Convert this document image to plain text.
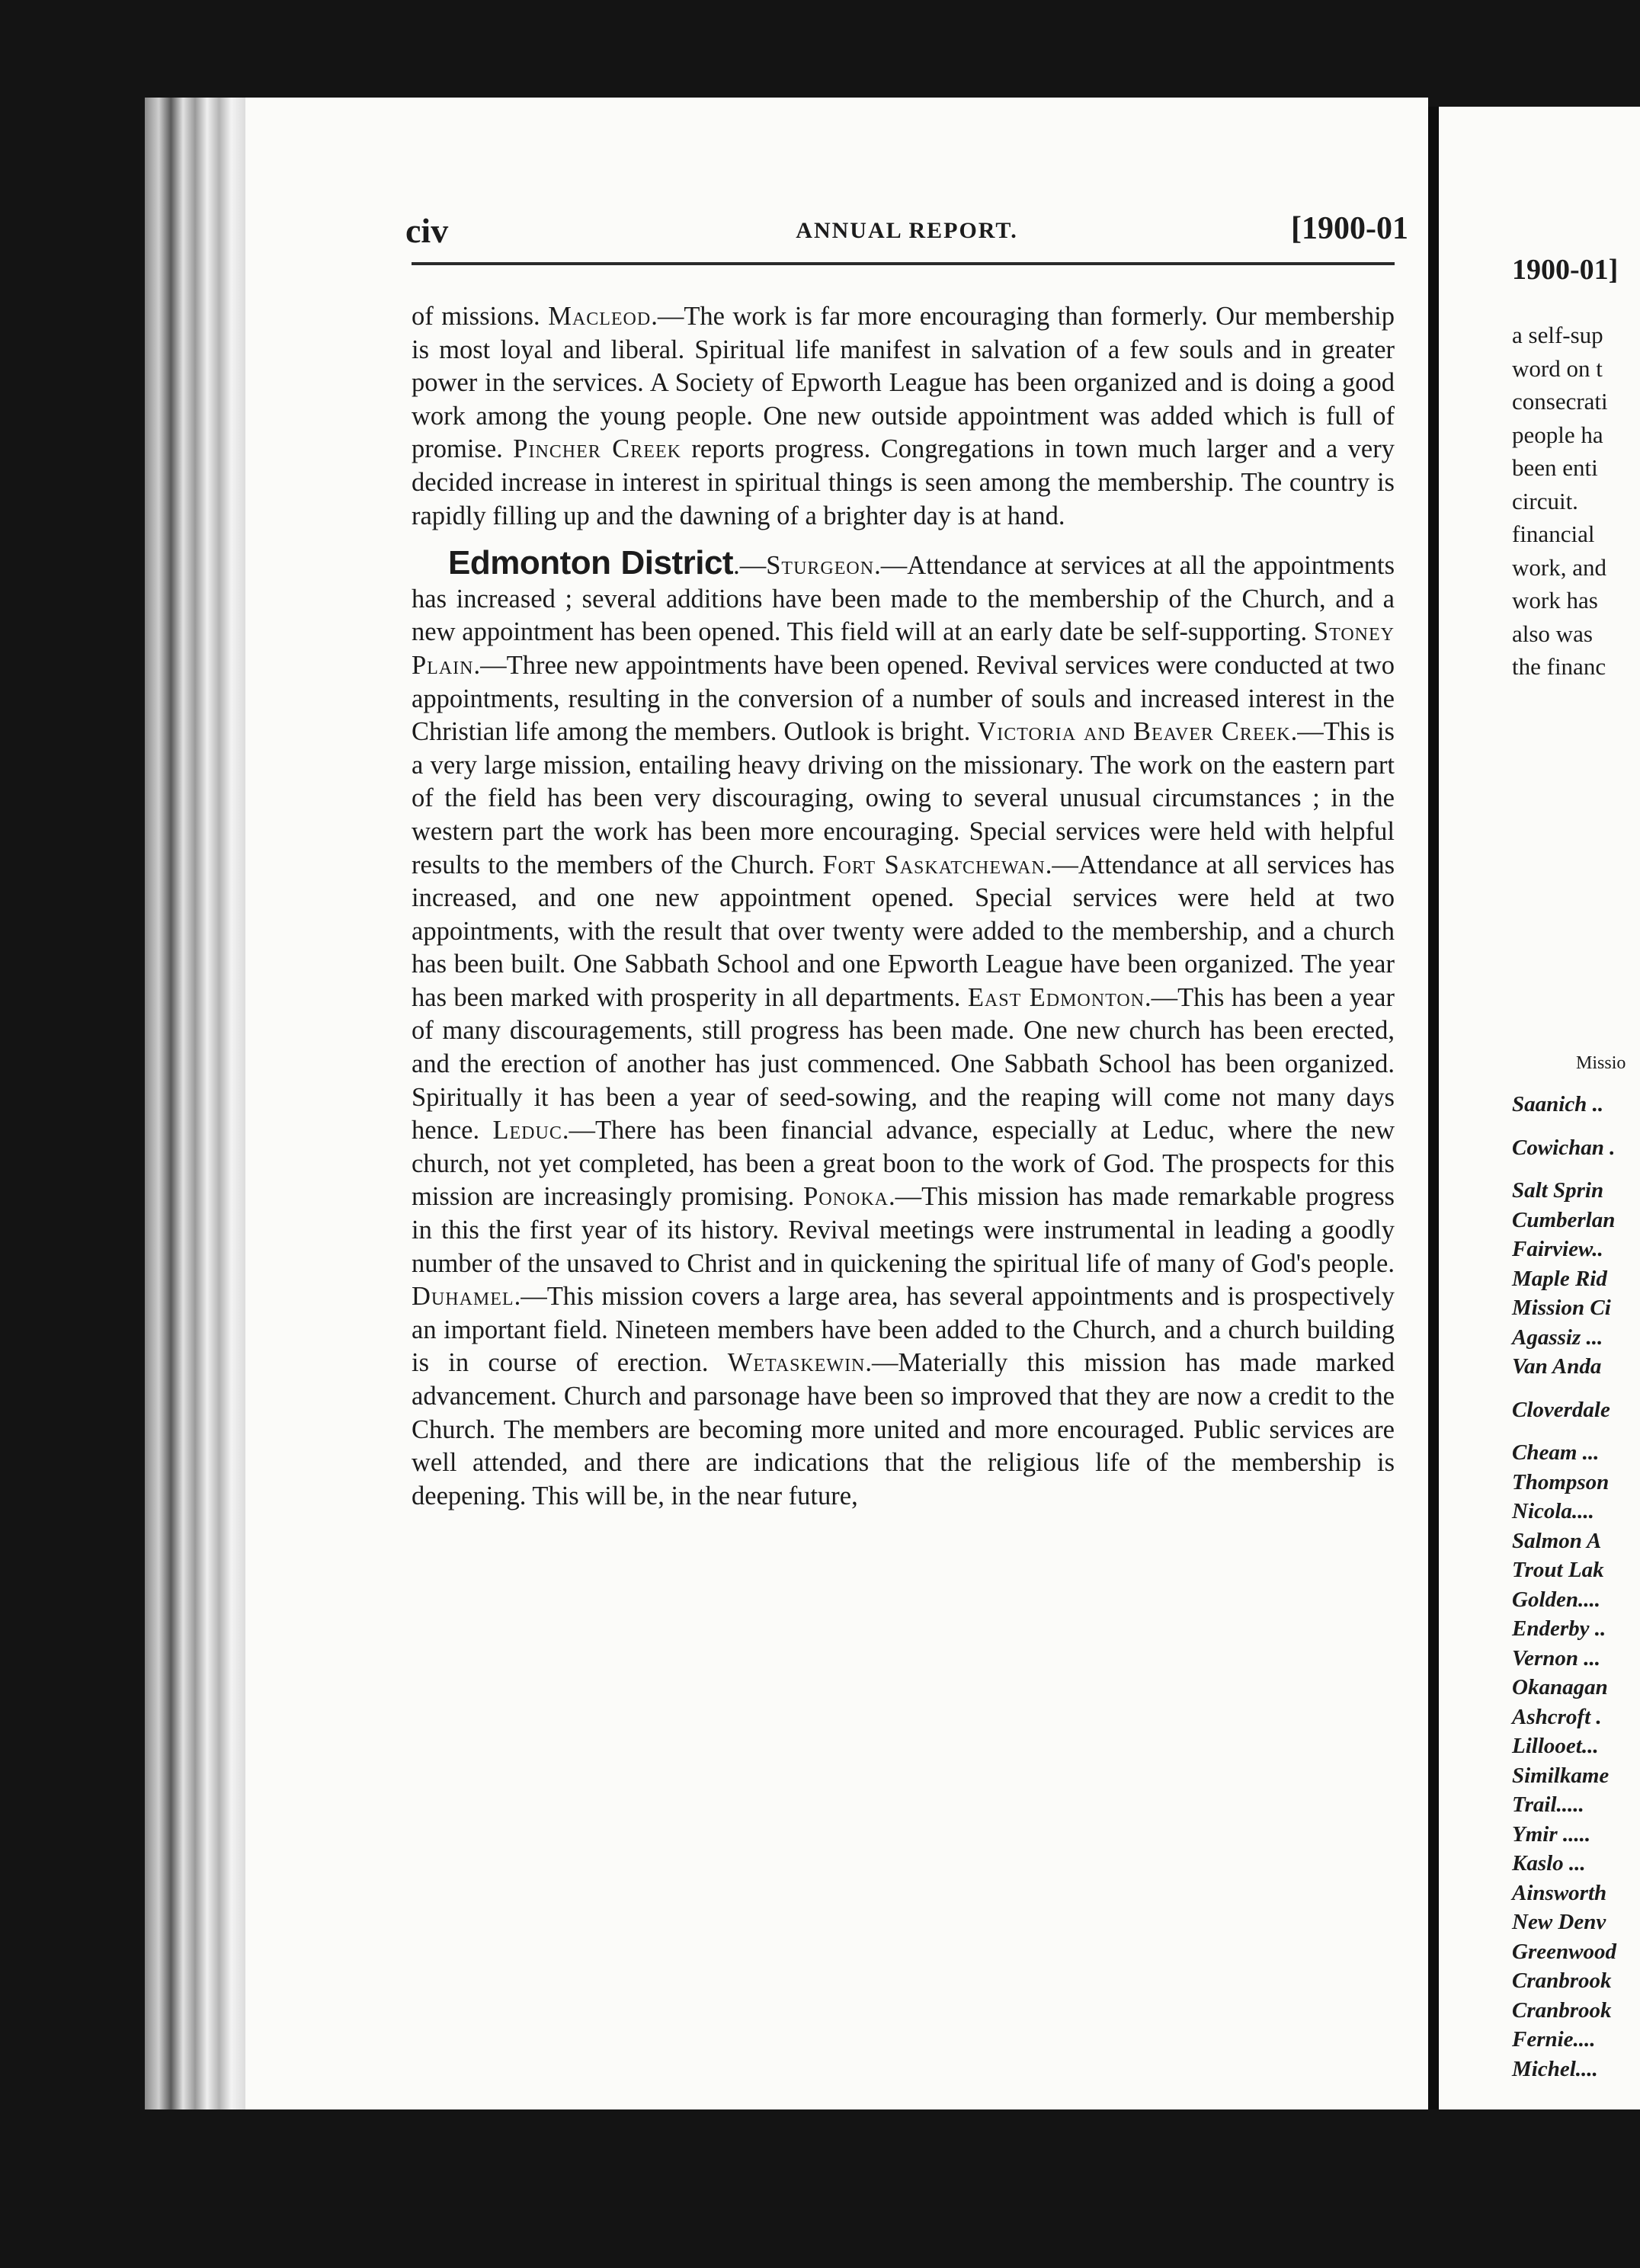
civ	ANNUAL REPORT.	[1900-01

of missions. Macleod.—The work is far more encouraging than formerly. Our membership is most loyal and liberal. Spiritual life manifest in salvation of a few souls and in greater power in the services. A Society of Epworth League has been organized and is doing a good work among the young people. One new outside appointment was added which is full of promise. Pincher Creek reports progress. Congregations in town much larger and a very decided increase in interest in spiritual things is seen among the membership. The country is rapidly filling up and the dawning of a brighter day is at hand.

Edmonton District.—Sturgeon.—Attendance at services at all the appointments has increased ; several additions have been made to the membership of the Church, and a new appointment has been opened. This field will at an early date be self-supporting. Stoney Plain.—Three new appointments have been opened. Revival services were conducted at two appointments, resulting in the conversion of a number of souls and increased interest in the Christian life among the members. Outlook is bright. Victoria and Beaver Creek.—This is a very large mission, entailing heavy driving on the missionary. The work on the eastern part of the field has been very discouraging, owing to several unusual circumstances ; in the western part the work has been more encouraging. Special services were held with helpful results to the members of the Church. Fort Saskatchewan.—Attendance at all services has increased, and one new appointment opened. Special services were held at two appointments, with the result that over twenty were added to the membership, and a church has been built. One Sabbath School and one Epworth League have been organized. The year has been marked with prosperity in all departments. East Edmonton.—This has been a year of many discouragements, still progress has been made. One new church has been erected, and the erection of another has just commenced. One Sabbath School has been organized. Spiritually it has been a year of seed-sowing, and the reaping will come not many days hence. Leduc.—There has been financial advance, especially at Leduc, where the new church, not yet completed, has been a great boon to the work of God. The prospects for this mission are increasingly promising. Ponoka.—This mission has made remarkable progress in this the first year of its history. Revival meetings were instrumental in leading a goodly number of the unsaved to Christ and in quickening the spiritual life of many of God's people. Duhamel.—This mission covers a large area, has several appointments and is prospectively an important field. Nineteen members have been added to the Church, and a church building is in course of erection. Wetaskewin.—Materially this mission has made marked advancement. Church and parsonage have been so improved that they are now a credit to the Church. The members are becoming more united and more encouraged. Public services are well attended, and there are indications that the religious life of the membership is deepening. This will be, in the near future,

1900-01]
a self-sup
word on t
consecrati
people ha
been enti
circuit.
financial
work, and
work has
also was
the financ
Missio
Saanich ..
Cowichan .
Salt Sprin
Cumberlan
Fairview..
Maple Rid
Mission Ci
Agassiz ...
Van Anda
Cloverdale
Cheam ...
Thompson
Nicola....
Salmon A
Trout Lak
Golden....
Enderby ..
Vernon ...
Okanagan
Ashcroft .
Lillooet...
Similkame
Trail.....
Ymir .....
Kaslo ...
Ainsworth
New Denv
Greenwood
Cranbrook
Cranbrook
Fernie....
Michel....
